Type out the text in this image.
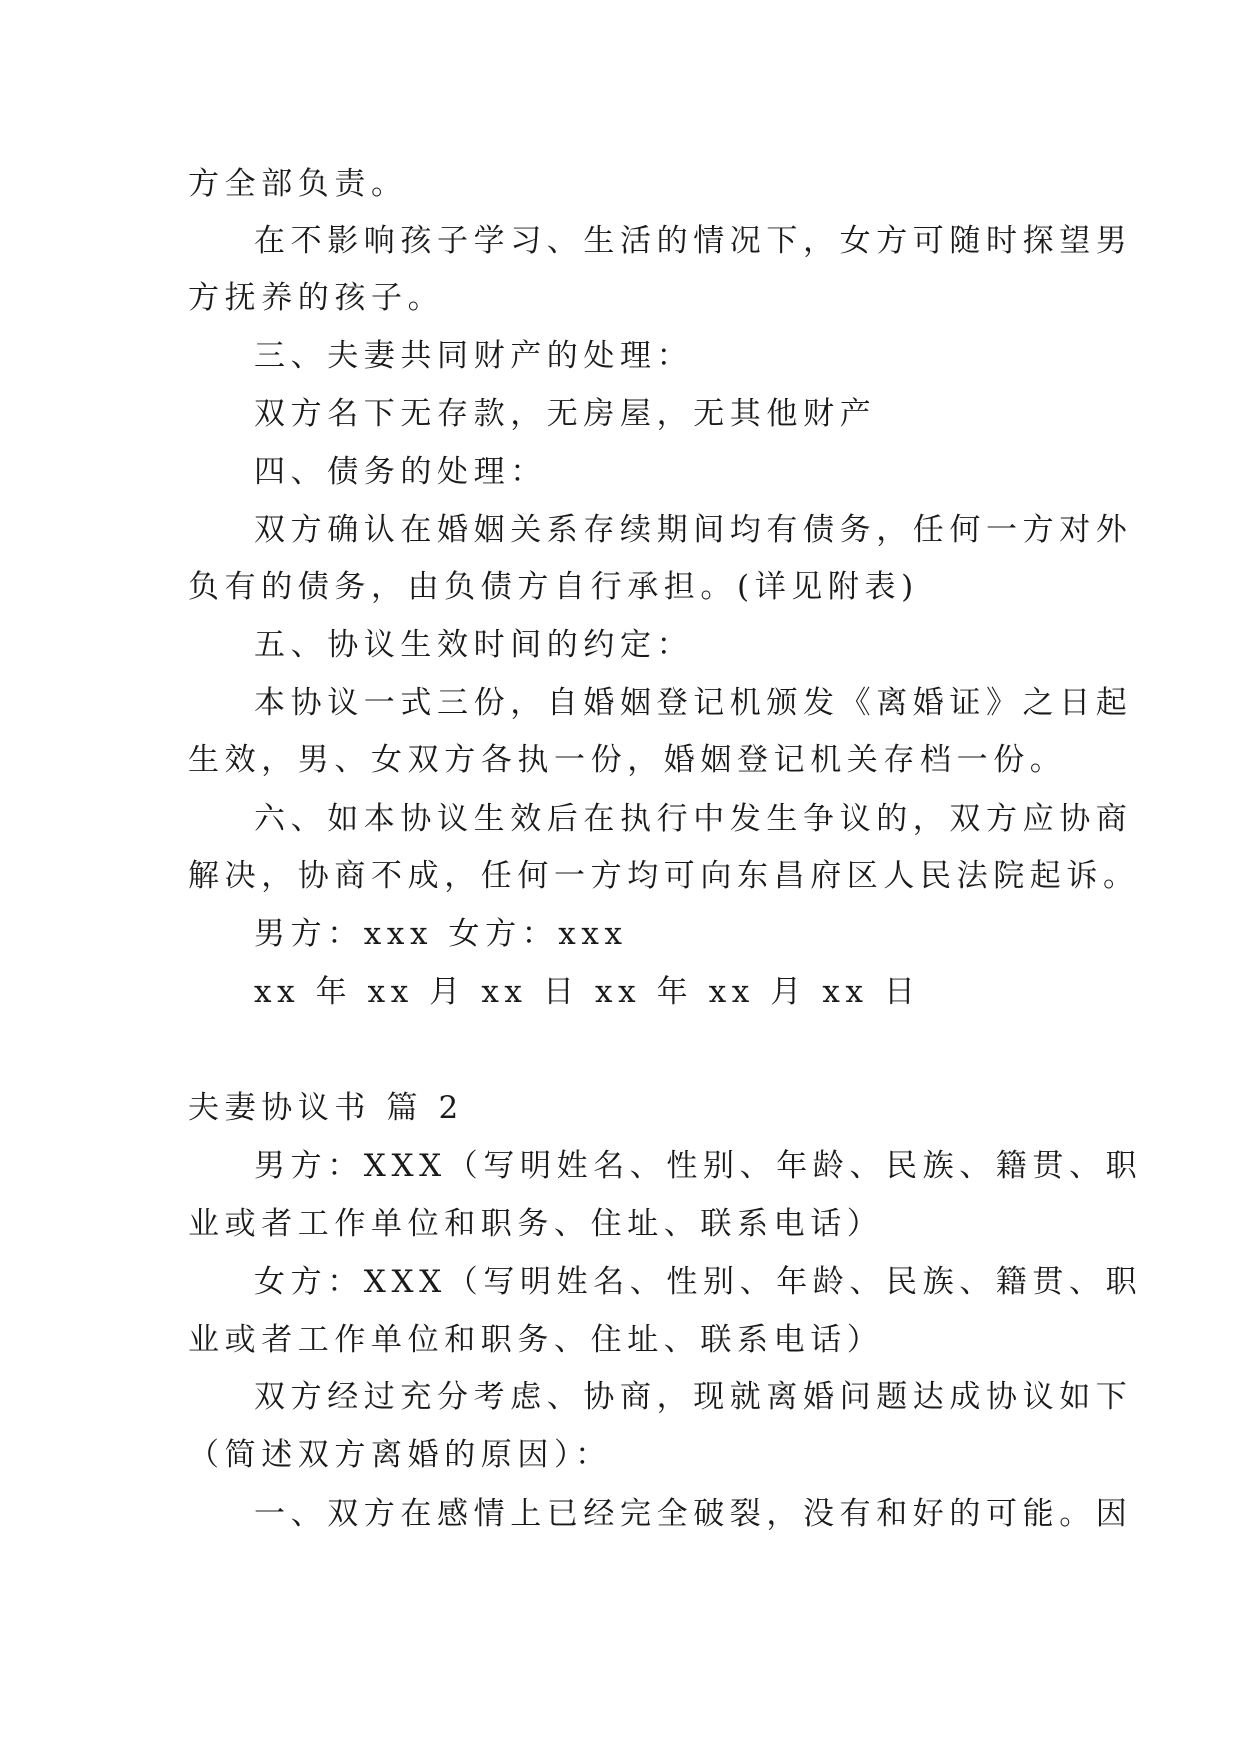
方全部负责。

在不影响孩子学习、生活的情况下，女方可随时探望男

方抚养的孩子。

三、夫妻共同财产的处理：

双方名下无存款，无房屋，无其他财产

四、债务的处理：

双方确认在婚姻关系存续期间均有债务，任何一方对外

负有的债务，由负债方自行承担。(详见附表)

五、协议生效时间的约定：

本协议一式三份，自婚姻登记机颁发《离婚证》之日起

生效，男、女双方各执一份，婚姻登记机关存档一份。

六、如本协议生效后在执行中发生争议的，双方应协商

解决，协商不成，任何一方均可向东昌府区人民法院起诉。

男方：xxx 女方：xxx

xx 年 xx 月 xx 日 xx 年 xx 月 xx 日

夫妻协议书 篇 2

男方：XXX（写明姓名、性别、年龄、民族、籍贯、职

业或者工作单位和职务、住址、联系电话）

女方：XXX（写明姓名、性别、年龄、民族、籍贯、职

业或者工作单位和职务、住址、联系电话）

双方经过充分考虑、协商，现就离婚问题达成协议如下

（简述双方离婚的原因）：

一、双方在感情上已经完全破裂，没有和好的可能。因
